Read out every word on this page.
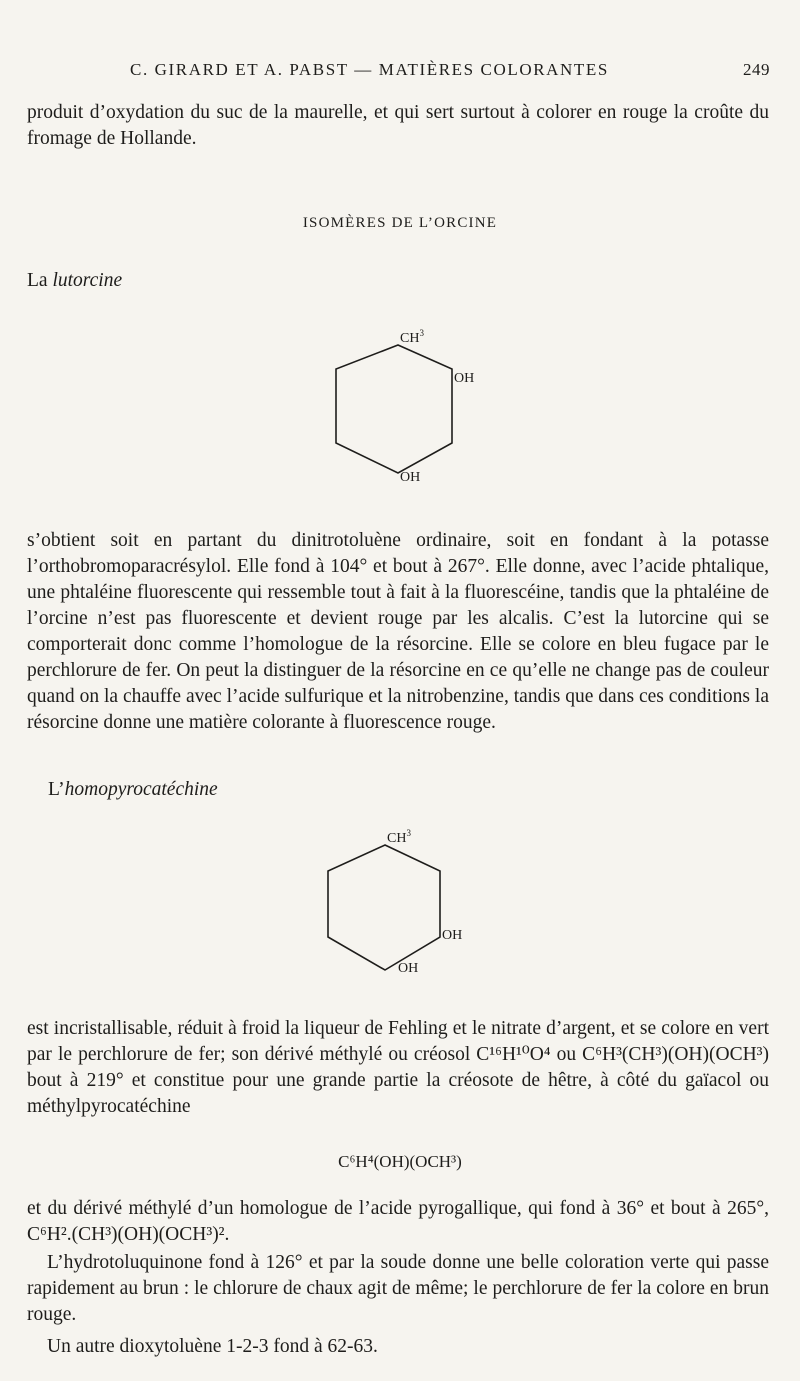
C. GIRARD ET A. PABST — MATIÈRES COLORANTES	249

produit d’oxydation du suc de la maurelle, et qui sert surtout à colorer en rouge la croûte du fromage de Hollande.

ISOMÈRES DE L’ORCINE
La lutorcine
$CH^3$
OH
OH

s’obtient soit en partant du dinitrotoluène ordinaire, soit en fondant à la potasse l’orthobromoparacrésylol. Elle fond à 104° et bout à 267°. Elle donne, avec l’acide phtalique, une phtaléine fluorescente qui ressemble tout à fait à la fluorescéine, tandis que la phtaléine de l’orcine n’est pas fluorescente et devient rouge par les alcalis. C’est la lutorcine qui se comporterait donc comme l’homologue de la résorcine. Elle se colore en bleu fugace par le perchlorure de fer. On peut la distinguer de la résorcine en ce qu’elle ne change pas de couleur quand on la chauffe avec l’acide sulfurique et la nitrobenzine, tandis que dans ces conditions la résorcine donne une matière colorante à fluorescence rouge.

L’homopyrocatéchine
$CH^3$
OH
OH

est incristallisable, réduit à froid la liqueur de Fehling et le nitrate d’argent, et se colore en vert par le perchlorure de fer; son dérivé méthylé ou créosol C¹⁶H¹⁰O⁴ ou C⁶H³(CH³)(OH)(OCH³) bout à 219° et constitue pour une grande partie la créosote de hêtre, à côté du gaïacol ou méthylpyrocatéchine

C⁶H⁴(OH)(OCH³)

et du dérivé méthylé d’un homologue de l’acide pyrogallique, qui fond à 36° et bout à 265°, C⁶H².(CH³)(OH)(OCH³)².

L’hydrotoluquinone fond à 126° et par la soude donne une belle coloration verte qui passe rapidement au brun : le chlorure de chaux agit de même; le perchlorure de fer la colore en brun rouge.

Un autre dioxytoluène 1-2-3 fond à 62-63.
